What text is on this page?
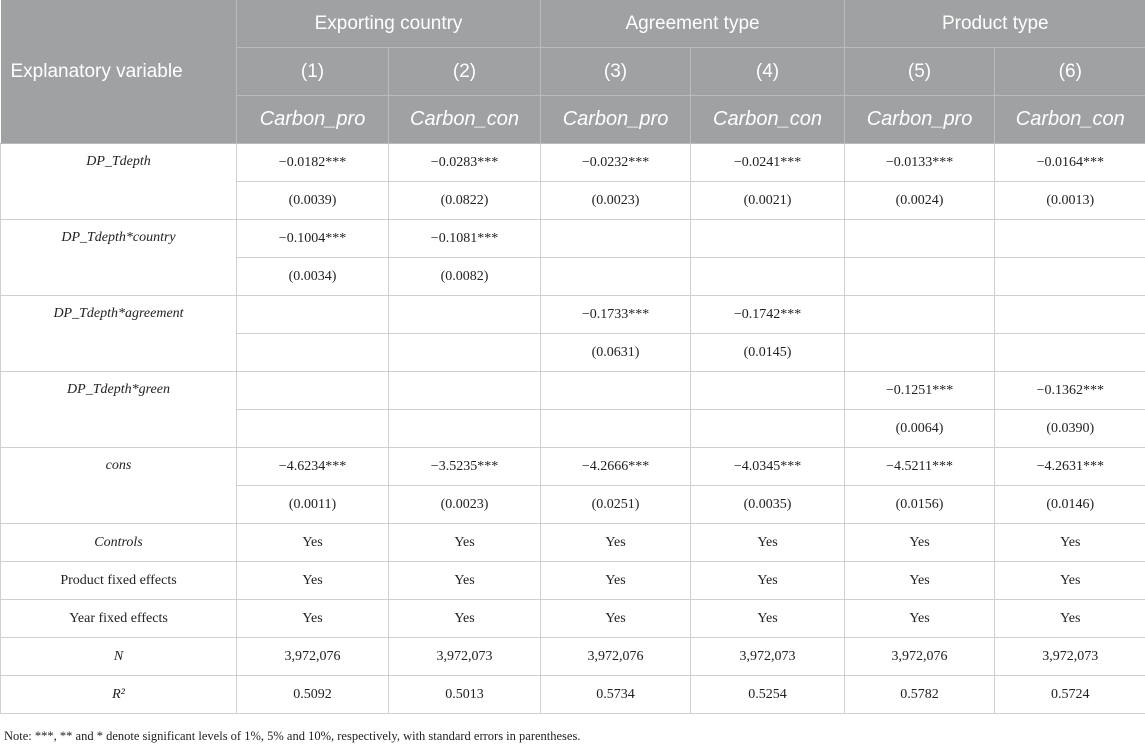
Explanatory variable	Exporting country		Agreement type		Product type	
	(1)	(2)	(3)	(4)	(5)	(6)
	Carbon_pro	Carbon_con	Carbon_pro	Carbon_con	Carbon_pro	Carbon_con
DP_Tdepth	−0.0182***	−0.0283***	−0.0232***	−0.0241***	−0.0133***	−0.0164***
	(0.0039)	(0.0822)	(0.0023)	(0.0021)	(0.0024)	(0.0013)
DP_Tdepth*country	−0.1004***	−0.1081***				
	(0.0034)	(0.0082)				
DP_Tdepth*agreement			−0.1733***	−0.1742***		
			(0.0631)	(0.0145)		
DP_Tdepth*green					−0.1251***	−0.1362***
					(0.0064)	(0.0390)
cons	−4.6234***	−3.5235***	−4.2666***	−4.0345***	−4.5211***	−4.2631***
	(0.0011)	(0.0023)	(0.0251)	(0.0035)	(0.0156)	(0.0146)
Controls	Yes	Yes	Yes	Yes	Yes	Yes
Product fixed effects	Yes	Yes	Yes	Yes	Yes	Yes
Year fixed effects	Yes	Yes	Yes	Yes	Yes	Yes
N	3,972,076	3,972,073	3,972,076	3,972,073	3,972,076	3,972,073
R²	0.5092	0.5013	0.5734	0.5254	0.5782	0.5724
Note: ***, ** and * denote significant levels of 1%, 5% and 10%, respectively, with standard errors in parentheses.
